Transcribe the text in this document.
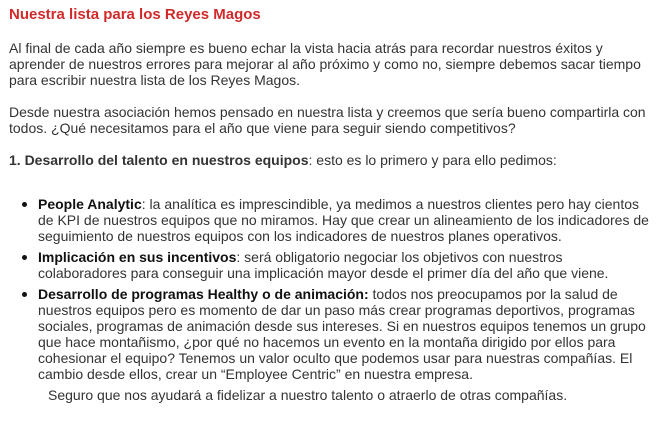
Nuestra lista para los Reyes Magos

Al final de cada año siempre es bueno echar la vista hacia atrás para recordar nuestros éxitos y aprender de nuestros errores para mejorar al año próximo y como no, siempre debemos sacar tiempo para escribir nuestra lista de los Reyes Magos.

Desde nuestra asociación hemos pensado en nuestra lista y creemos que sería bueno compartirla con todos. ¿Qué necesitamos para el año que viene para seguir siendo competitivos?

1. Desarrollo del talento en nuestros equipos: esto es lo primero y para ello pedimos:

People Analytic: la analítica es imprescindible, ya medimos a nuestros clientes pero hay cientos de KPI de nuestros equipos que no miramos. Hay que crear un alineamiento de los indicadores de seguimiento de nuestros equipos con los indicadores de nuestros planes operativos.
Implicación en sus incentivos: será obligatorio negociar los objetivos con nuestros colaboradores para conseguir una implicación mayor desde el primer día del año que viene.
Desarrollo de programas Healthy o de animación: todos nos preocupamos por la salud de nuestros equipos pero es momento de dar un paso más crear programas deportivos, programas sociales, programas de animación desde sus intereses. Si en nuestros equipos tenemos un grupo que hace montañismo, ¿por qué no hacemos un evento en la montaña dirigido por ellos para cohesionar el equipo? Tenemos un valor oculto que podemos usar para nuestras compañías. El cambio desde ellos, crear un “Employee Centric” en nuestra empresa.

Seguro que nos ayudará a fidelizar a nuestro talento o atraerlo de otras compañías.
